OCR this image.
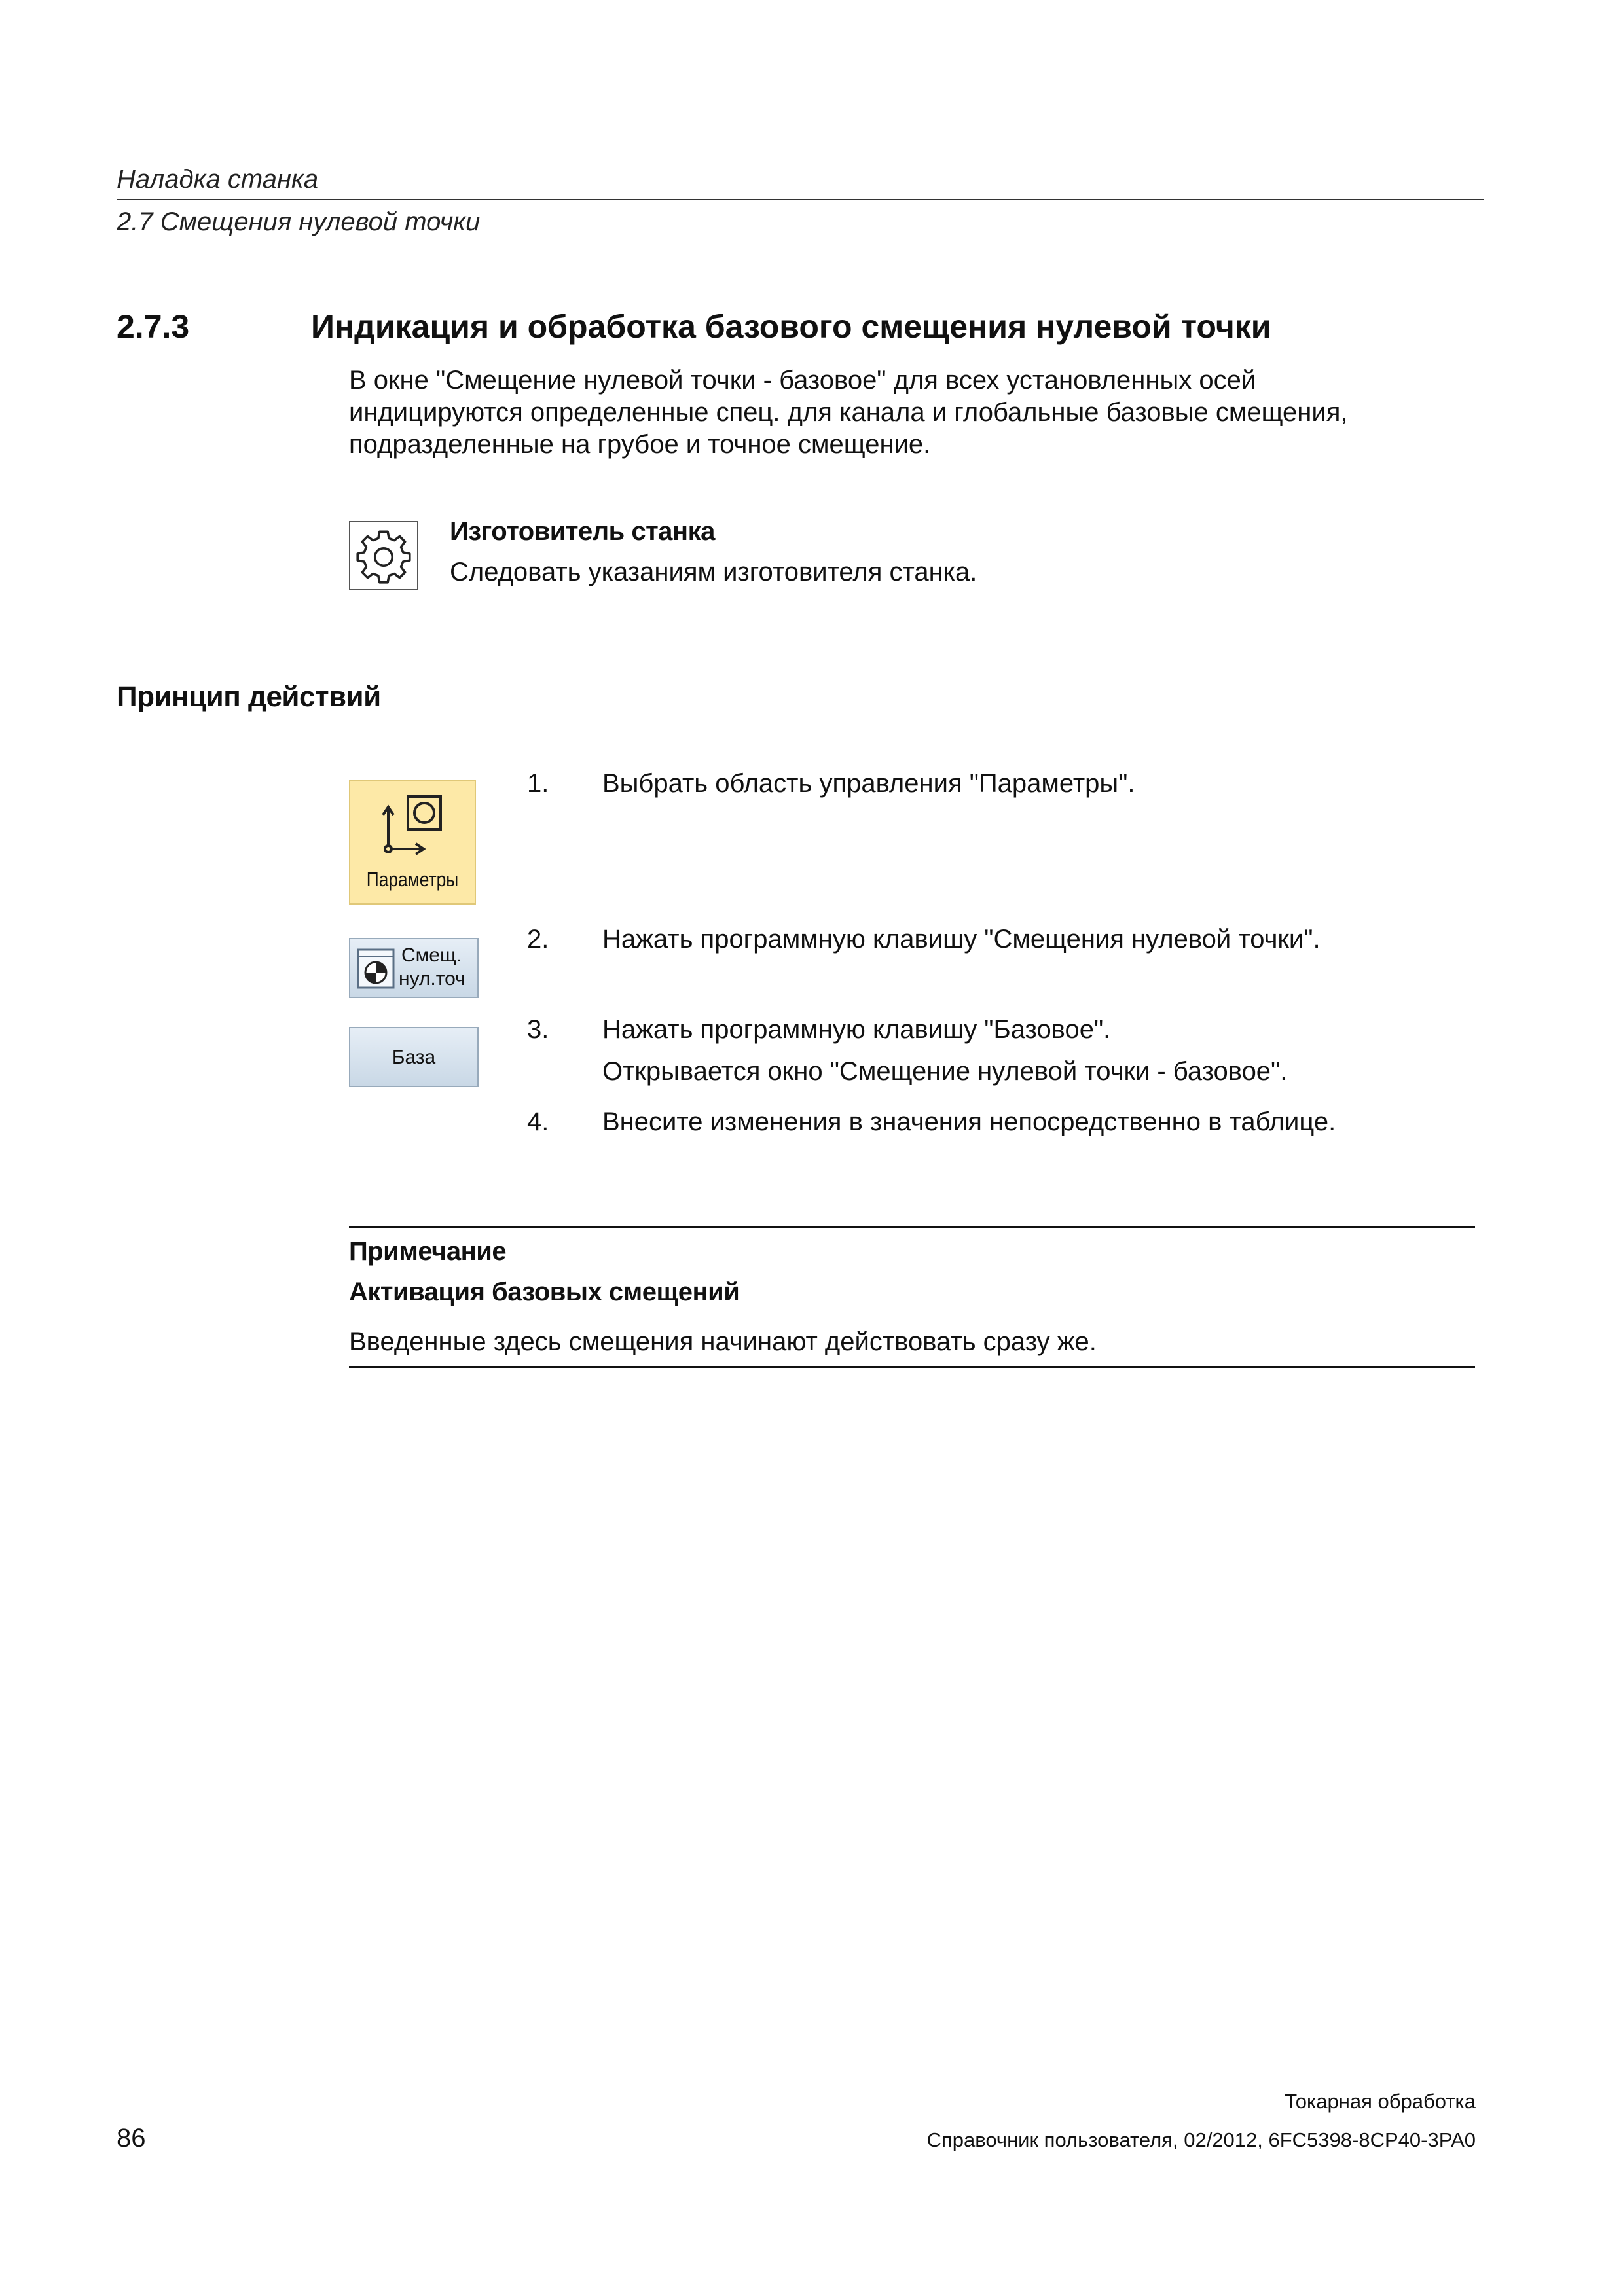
Наладка станка
2.7 Смещения нулевой точки
2.7.3	Индикация и обработка базового смещения нулевой точки
В окне "Смещение нулевой точки - базовое" для всех установленных осей
индицируются определенные спец. для канала и глобальные базовые смещения,
подразделенные на грубое и точное смещение.
Изготовитель станка
Следовать указаниям изготовителя станка.
Принцип действий
Параметры
Смещ.
нул.точ
База
1. Выбрать область управления "Параметры".
2. Нажать программную клавишу "Смещения нулевой точки".
3. Нажать программную клавишу "Базовое".
Открывается окно "Смещение нулевой точки - базовое".
4. Внесите изменения в значения непосредственно в таблице.
Примечание
Активация базовых смещений
Введенные здесь смещения начинают действовать сразу же.
Токарная обработка
86	Справочник пользователя, 02/2012, 6FC5398-8CP40-3PA0
